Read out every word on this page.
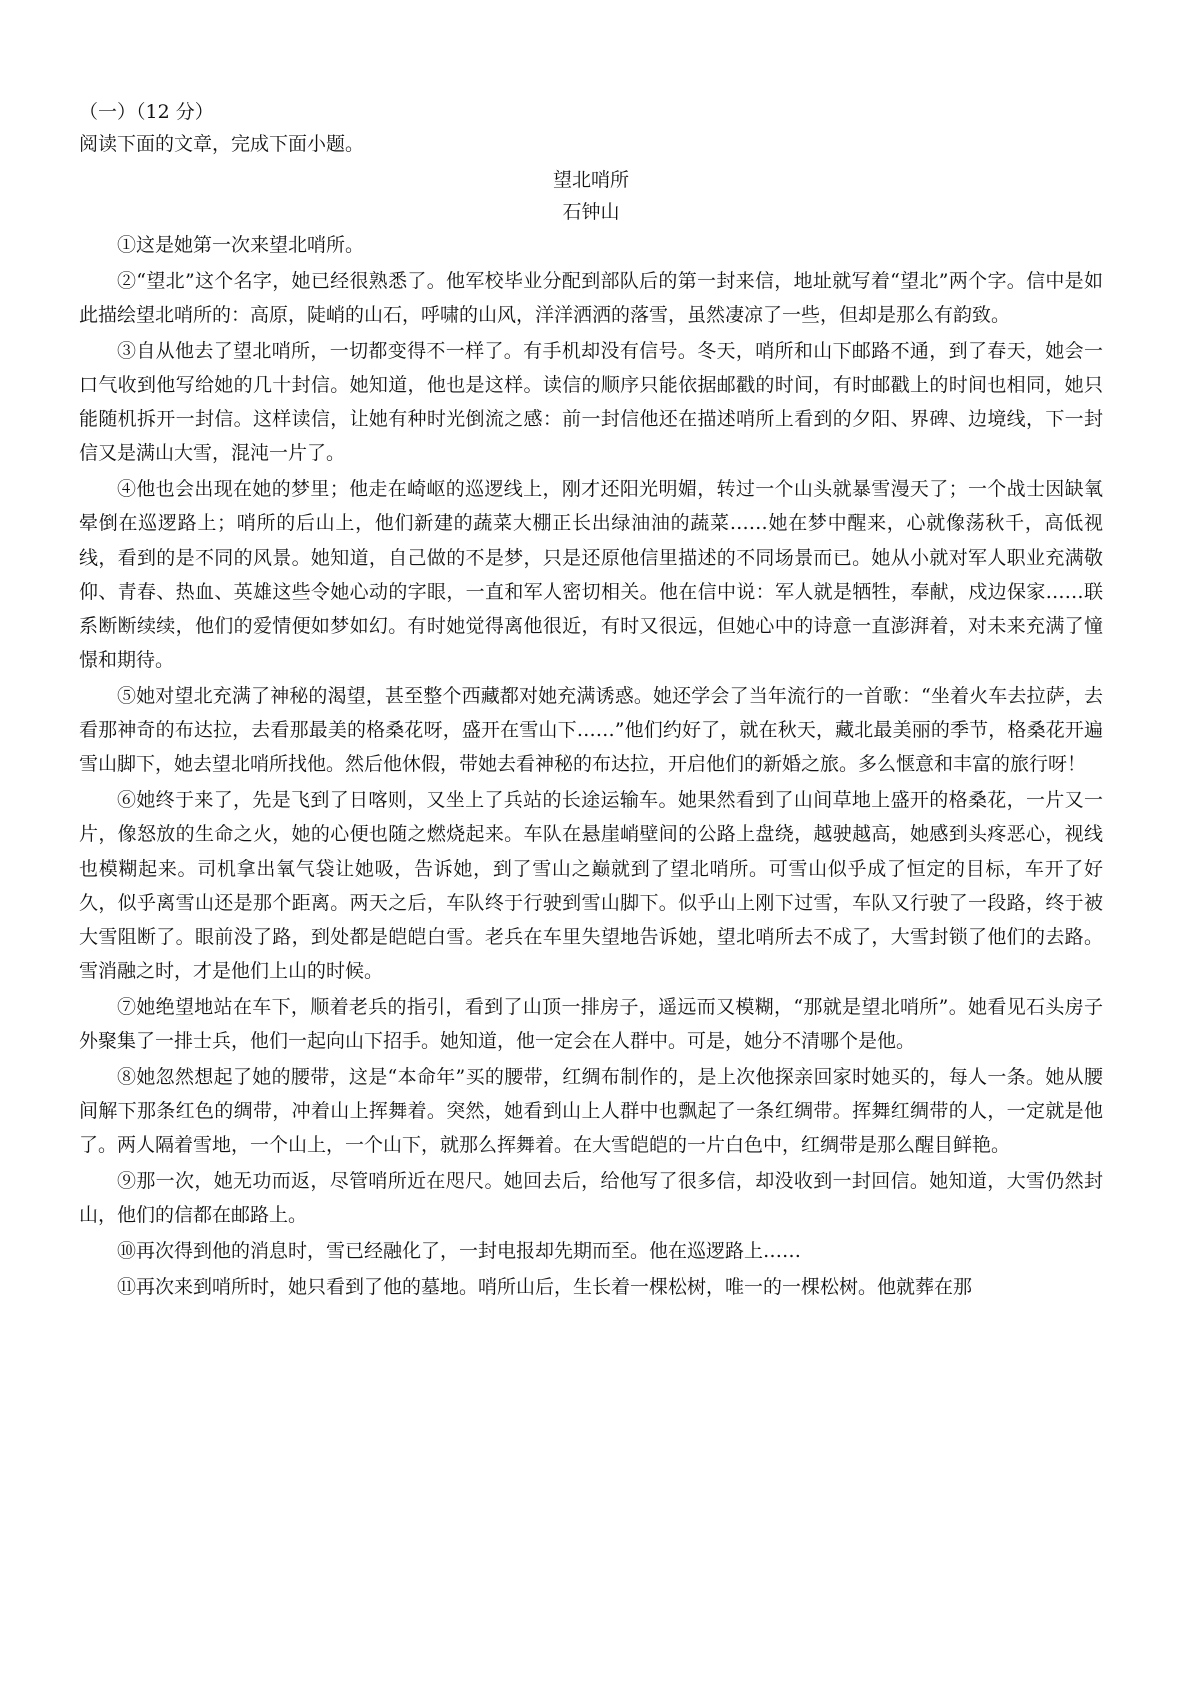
（一）（12 分）

阅读下面的文章，完成下面小题。

望北哨所

石钟山

①这是她第一次来望北哨所。

②“望北”这个名字，她已经很熟悉了。他军校毕业分配到部队后的第一封来信，地址就写着“望北”两个字。信中是如此描绘望北哨所的：高原，陡峭的山石，呼啸的山风，洋洋洒洒的落雪，虽然凄凉了一些，但却是那么有韵致。

③自从他去了望北哨所，一切都变得不一样了。有手机却没有信号。冬天，哨所和山下邮路不通，到了春天，她会一口气收到他写给她的几十封信。她知道，他也是这样。读信的顺序只能依据邮戳的时间，有时邮戳上的时间也相同，她只能随机拆开一封信。这样读信，让她有种时光倒流之感：前一封信他还在描述哨所上看到的夕阳、界碑、边境线，下一封信又是满山大雪，混沌一片了。

④他也会出现在她的梦里；他走在崎岖的巡逻线上，刚才还阳光明媚，转过一个山头就暴雪漫天了；一个战士因缺氧晕倒在巡逻路上；哨所的后山上，他们新建的蔬菜大棚正长出绿油油的蔬菜……她在梦中醒来，心就像荡秋千，高低视线，看到的是不同的风景。她知道，自己做的不是梦，只是还原他信里描述的不同场景而已。她从小就对军人职业充满敬仰、青春、热血、英雄这些令她心动的字眼，一直和军人密切相关。他在信中说：军人就是牺牲，奉献，戍边保家……联系断断续续，他们的爱情便如梦如幻。有时她觉得离他很近，有时又很远，但她心中的诗意一直澎湃着，对未来充满了憧憬和期待。

⑤她对望北充满了神秘的渴望，甚至整个西藏都对她充满诱惑。她还学会了当年流行的一首歌：“坐着火车去拉萨，去看那神奇的布达拉，去看那最美的格桑花呀，盛开在雪山下……”他们约好了，就在秋天，藏北最美丽的季节，格桑花开遍雪山脚下，她去望北哨所找他。然后他休假，带她去看神秘的布达拉，开启他们的新婚之旅。多么惬意和丰富的旅行呀！

⑥她终于来了，先是飞到了日喀则，又坐上了兵站的长途运输车。她果然看到了山间草地上盛开的格桑花，一片又一片，像怒放的生命之火，她的心便也随之燃烧起来。车队在悬崖峭壁间的公路上盘绕，越驶越高，她感到头疼恶心，视线也模糊起来。司机拿出氧气袋让她吸，告诉她，到了雪山之巅就到了望北哨所。可雪山似乎成了恒定的目标，车开了好久，似乎离雪山还是那个距离。两天之后，车队终于行驶到雪山脚下。似乎山上刚下过雪，车队又行驶了一段路，终于被大雪阻断了。眼前没了路，到处都是皑皑白雪。老兵在车里失望地告诉她，望北哨所去不成了，大雪封锁了他们的去路。雪消融之时，才是他们上山的时候。

⑦她绝望地站在车下，顺着老兵的指引，看到了山顶一排房子，遥远而又模糊，“那就是望北哨所”。她看见石头房子外聚集了一排士兵，他们一起向山下招手。她知道，他一定会在人群中。可是，她分不清哪个是他。

⑧她忽然想起了她的腰带，这是“本命年”买的腰带，红绸布制作的，是上次他探亲回家时她买的，每人一条。她从腰间解下那条红色的绸带，冲着山上挥舞着。突然，她看到山上人群中也飘起了一条红绸带。挥舞红绸带的人，一定就是他了。两人隔着雪地，一个山上，一个山下，就那么挥舞着。在大雪皑皑的一片白色中，红绸带是那么醒目鲜艳。

⑨那一次，她无功而返，尽管哨所近在咫尺。她回去后，给他写了很多信，却没收到一封回信。她知道，大雪仍然封山，他们的信都在邮路上。

⑩再次得到他的消息时，雪已经融化了，一封电报却先期而至。他在巡逻路上……

⑪再次来到哨所时，她只看到了他的墓地。哨所山后，生长着一棵松树，唯一的一棵松树。他就葬在那
